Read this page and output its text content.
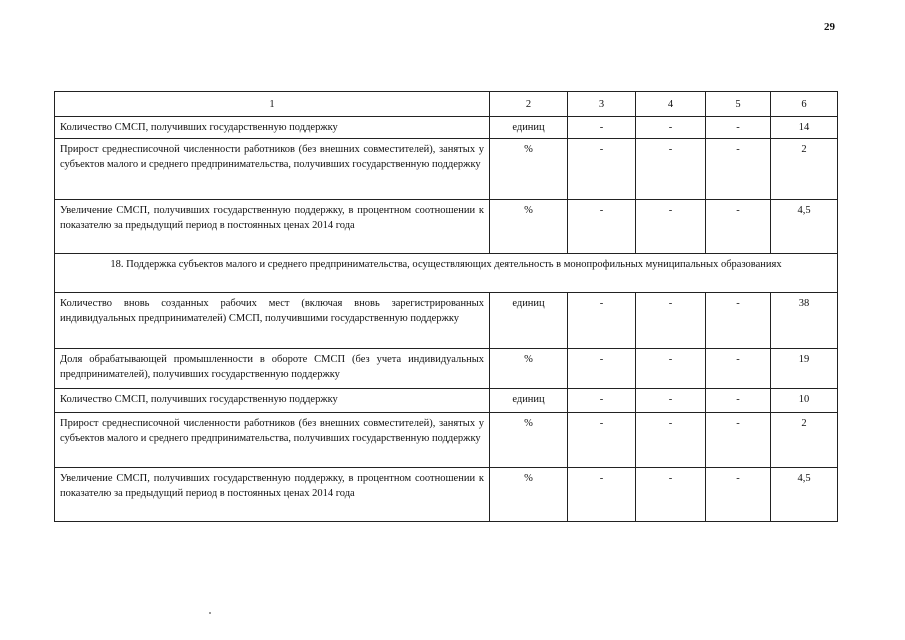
29
1	2	3	4	5	6
Количество СМСП, получивших государственную поддержку	единиц	-	-	-	14
Прирост среднесписочной численности работников (без внешних совместителей), занятых у субъектов малого и среднего предпринимательства, получивших государственную поддержку	%	-	-	-	2
Увеличение СМСП, получивших государственную поддержку, в процентном соотношении к показателю за предыдущий период в постоянных ценах 2014 года	%	-	-	-	4,5
18. Поддержка субъектов малого и среднего предпринимательства, осуществляющих деятельность в монопрофильных муниципальных образованиях					
Количество вновь созданных рабочих мест (включая вновь зарегистрированных индивидуальных предпринимателей) СМСП, получившими государственную поддержку	единиц	-	-	-	38
Доля обрабатывающей промышленности в обороте СМСП (без учета индивидуальных предпринимателей), получивших государственную поддержку	%	-	-	-	19
Количество СМСП, получивших государственную поддержку	единиц	-	-	-	10
Прирост среднесписочной численности работников (без внешних совместителей), занятых у субъектов малого и среднего предпринимательства, получивших государственную поддержку	%	-	-	-	2
Увеличение СМСП, получивших государственную поддержку, в процентном соотношении к показателю за предыдущий период в постоянных ценах 2014 года	%	-	-	-	4,5
